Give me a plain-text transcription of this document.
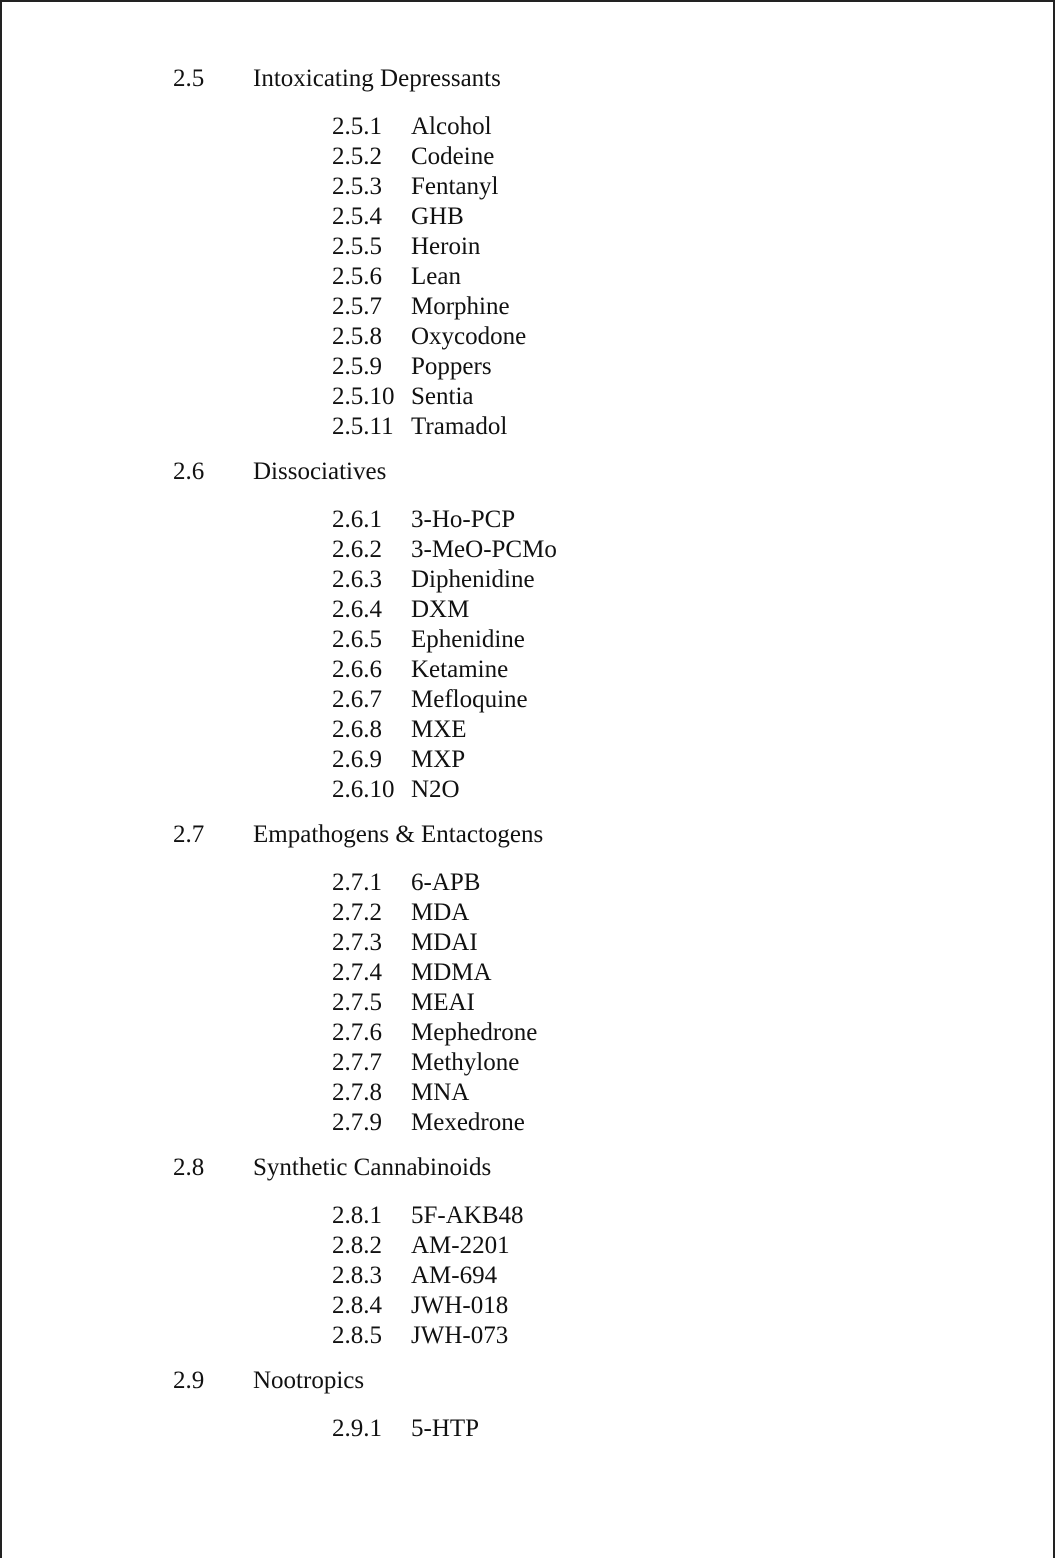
2.5 Intoxicating Depressants
2.5.1 Alcohol
2.5.2 Codeine
2.5.3 Fentanyl
2.5.4 GHB
2.5.5 Heroin
2.5.6 Lean
2.5.7 Morphine
2.5.8 Oxycodone
2.5.9 Poppers
2.5.10 Sentia
2.5.11 Tramadol
2.6 Dissociatives
2.6.1 3-Ho-PCP
2.6.2 3-MeO-PCMo
2.6.3 Diphenidine
2.6.4 DXM
2.6.5 Ephenidine
2.6.6 Ketamine
2.6.7 Mefloquine
2.6.8 MXE
2.6.9 MXP
2.6.10 N2O
2.7 Empathogens & Entactogens
2.7.1 6-APB
2.7.2 MDA
2.7.3 MDAI
2.7.4 MDMA
2.7.5 MEAI
2.7.6 Mephedrone
2.7.7 Methylone
2.7.8 MNA
2.7.9 Mexedrone
2.8 Synthetic Cannabinoids
2.8.1 5F-AKB48
2.8.2 AM-2201
2.8.3 AM-694
2.8.4 JWH-018
2.8.5 JWH-073
2.9 Nootropics
2.9.1 5-HTP
